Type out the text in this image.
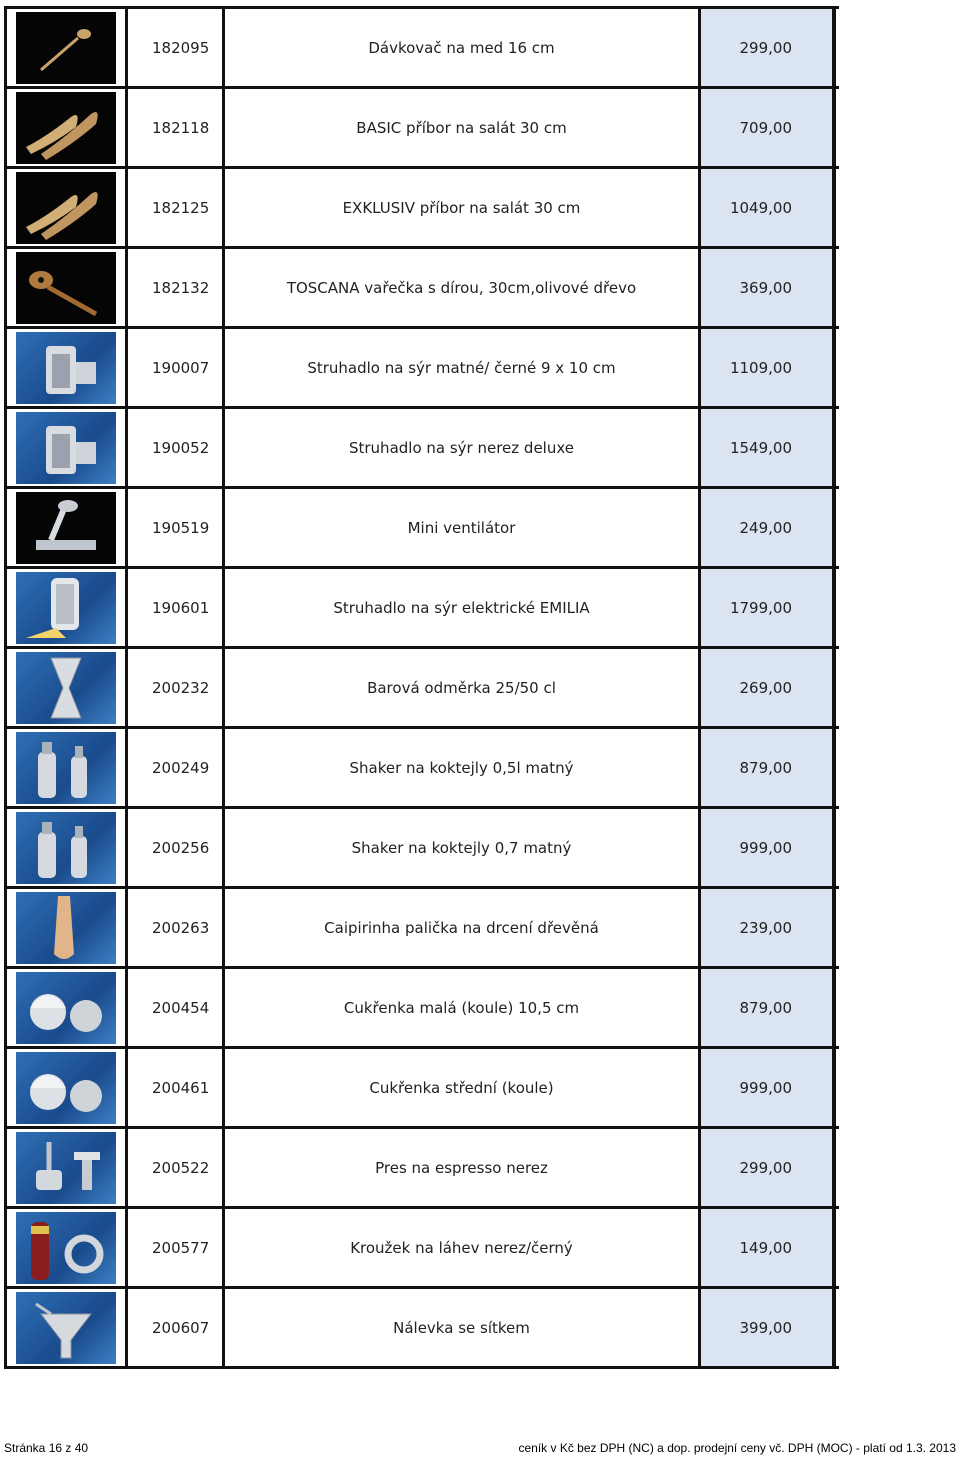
182095	Dávkovač na med 16 cm	299,00
182118	BASIC příbor na salát 30 cm	709,00
182125	EXKLUSIV příbor na salát 30 cm	1049,00
182132	TOSCANA vařečka s dírou, 30cm,olivové dřevo	369,00
190007	Struhadlo na sýr matné/ černé 9 x 10 cm	1109,00
190052	Struhadlo na sýr nerez deluxe	1549,00
190519	Mini ventilátor	249,00
190601	Struhadlo na sýr elektrické EMILIA	1799,00
200232	Barová odměrka 25/50 cl	269,00
200249	Shaker na koktejly 0,5l matný	879,00
200256	Shaker na koktejly 0,7 matný	999,00
200263	Caipirinha palička na drcení dřevěná	239,00
200454	Cukřenka malá (koule) 10,5 cm	879,00
200461	Cukřenka střední (koule)	999,00
200522	Pres na espresso nerez	299,00
200577	Kroužek na láhev nerez/černý	149,00
200607	Nálevka se sítkem	399,00
Stránka 16 z 40	ceník v Kč bez DPH (NC) a dop. prodejní ceny vč. DPH (MOC) - platí od 1.3. 2013
